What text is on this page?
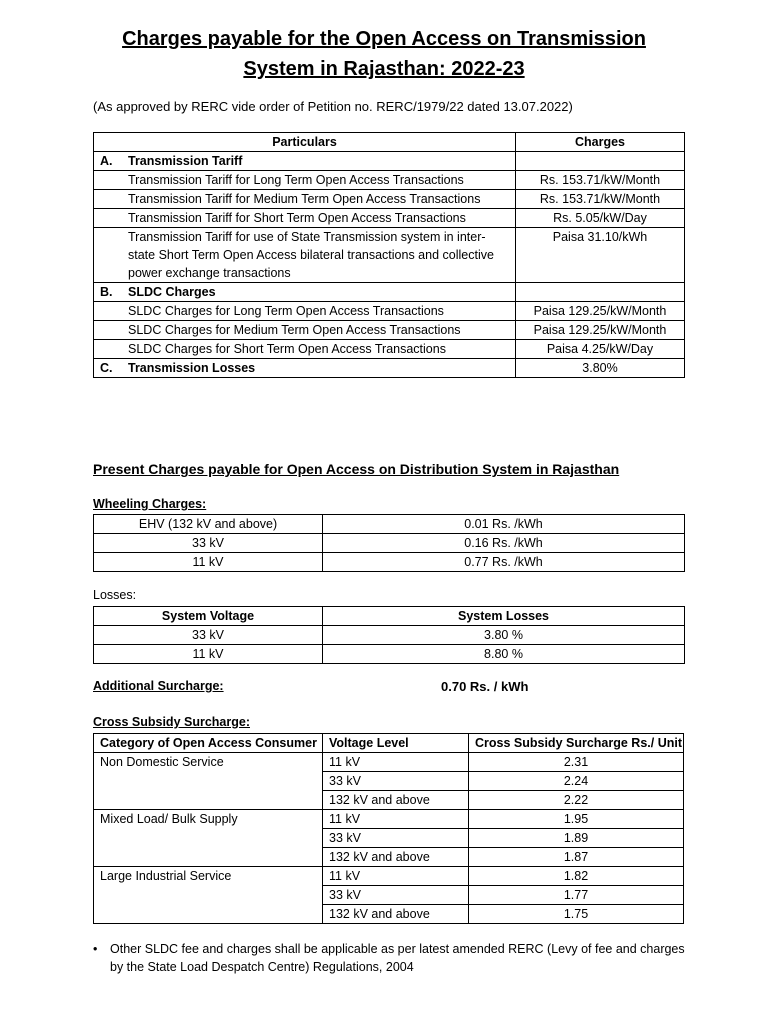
Charges payable for the Open Access on Transmission
System in Rajasthan: 2022-23
(As approved by RERC vide order of Petition no. RERC/1979/22 dated 13.07.2022)
Particulars	Charges
A. Transmission Tariff	
Transmission Tariff for Long Term Open Access Transactions	Rs. 153.71/kW/Month
Transmission Tariff for Medium Term Open Access Transactions	Rs. 153.71/kW/Month
Transmission Tariff for Short Term Open Access Transactions	Rs. 5.05/kW/Day
Transmission Tariff for use of State Transmission system in inter-state Short Term Open Access bilateral transactions and collective power exchange transactions	Paisa 31.10/kWh
B. SLDC Charges	
SLDC Charges for Long Term Open Access Transactions	Paisa 129.25/kW/Month
SLDC Charges for Medium Term Open Access Transactions	Paisa 129.25/kW/Month
SLDC Charges for Short Term Open Access Transactions	Paisa 4.25/kW/Day
C. Transmission Losses	3.80%
Present Charges payable for Open Access on Distribution System in Rajasthan
Wheeling Charges:
EHV (132 kV and above)	0.01 Rs. /kWh
33 kV	0.16 Rs. /kWh
11 kV	0.77 Rs. /kWh
Losses:
System Voltage	System Losses
33 kV	3.80 %
11 kV	8.80 %
Additional Surcharge:	0.70 Rs. / kWh
Cross Subsidy Surcharge:
Category of Open Access Consumer	Voltage Level	Cross Subsidy Surcharge Rs./ Unit
Non Domestic Service	11 kV	2.31
	33 kV	2.24
	132 kV and above	2.22
Mixed Load/ Bulk Supply	11 kV	1.95
	33 kV	1.89
	132 kV and above	1.87
Large Industrial Service	11 kV	1.82
	33 kV	1.77
	132 kV and above	1.75
• Other SLDC fee and charges shall be applicable as per latest amended RERC (Levy of fee and charges by the State Load Despatch Centre) Regulations, 2004
